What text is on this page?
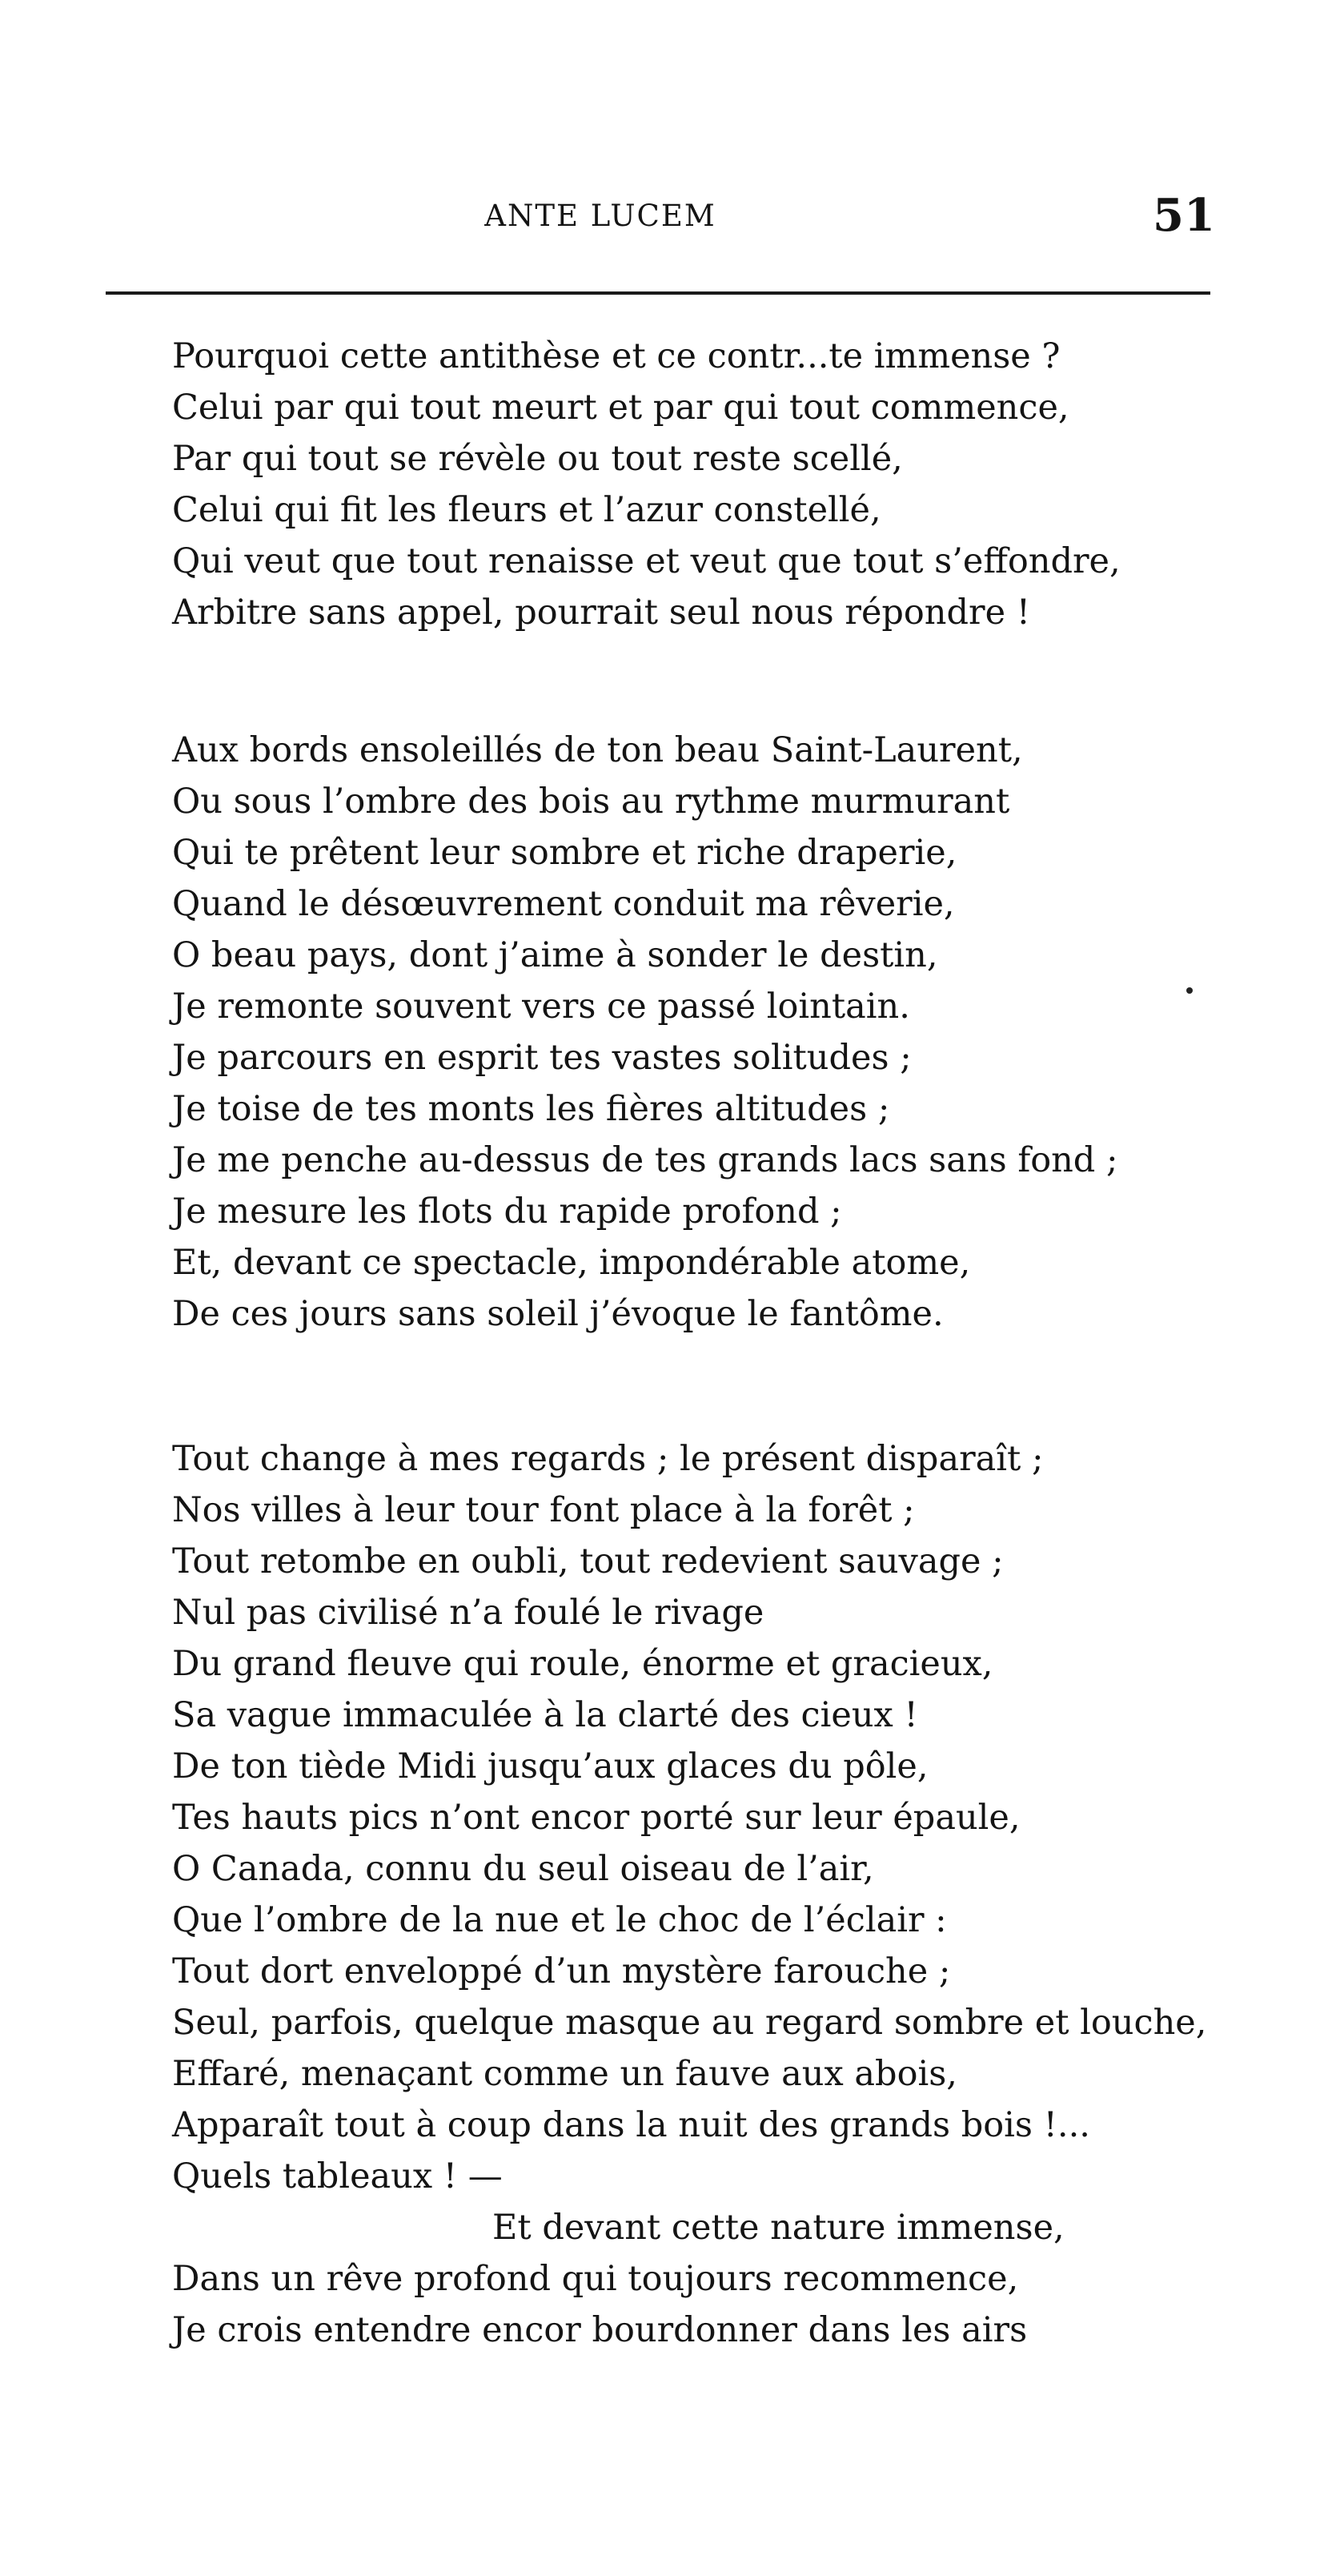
ANTE LUCEM	51
Pourquoi cette antithèse et ce contr...te immense ?
Celui par qui tout meurt et par qui tout commence,
Par qui tout se révèle ou tout reste scellé,
Celui qui fit les fleurs et l’azur constellé,
Qui veut que tout renaisse et veut que tout s’effondre,
Arbitre sans appel, pourrait seul nous répondre !
Aux bords ensoleillés de ton beau Saint-Laurent,
Ou sous l’ombre des bois au rythme murmurant
Qui te prêtent leur sombre et riche draperie,
Quand le désœuvrement conduit ma rêverie,
O beau pays, dont j’aime à sonder le destin,
Je remonte souvent vers ce passé lointain.
Je parcours en esprit tes vastes solitudes ;
Je toise de tes monts les fières altitudes ;
Je me penche au-dessus de tes grands lacs sans fond ;
Je mesure les flots du rapide profond ;
Et, devant ce spectacle, impondérable atome,
De ces jours sans soleil j’évoque le fantôme.
Tout change à mes regards ; le présent disparaît ;
Nos villes à leur tour font place à la forêt ;
Tout retombe en oubli, tout redevient sauvage ;
Nul pas civilisé n’a foulé le rivage
Du grand fleuve qui roule, énorme et gracieux,
Sa vague immaculée à la clarté des cieux !
De ton tiède Midi jusqu’aux glaces du pôle,
Tes hauts pics n’ont encor porté sur leur épaule,
O Canada, connu du seul oiseau de l’air,
Que l’ombre de la nue et le choc de l’éclair :
Tout dort enveloppé d’un mystère farouche ;
Seul, parfois, quelque masque au regard sombre et louche,
Effaré, menaçant comme un fauve aux abois,
Apparaît tout à coup dans la nuit des grands bois !...
Quels tableaux ! —
Et devant cette nature immense,
Dans un rêve profond qui toujours recommence,
Je crois entendre encor bourdonner dans les airs
